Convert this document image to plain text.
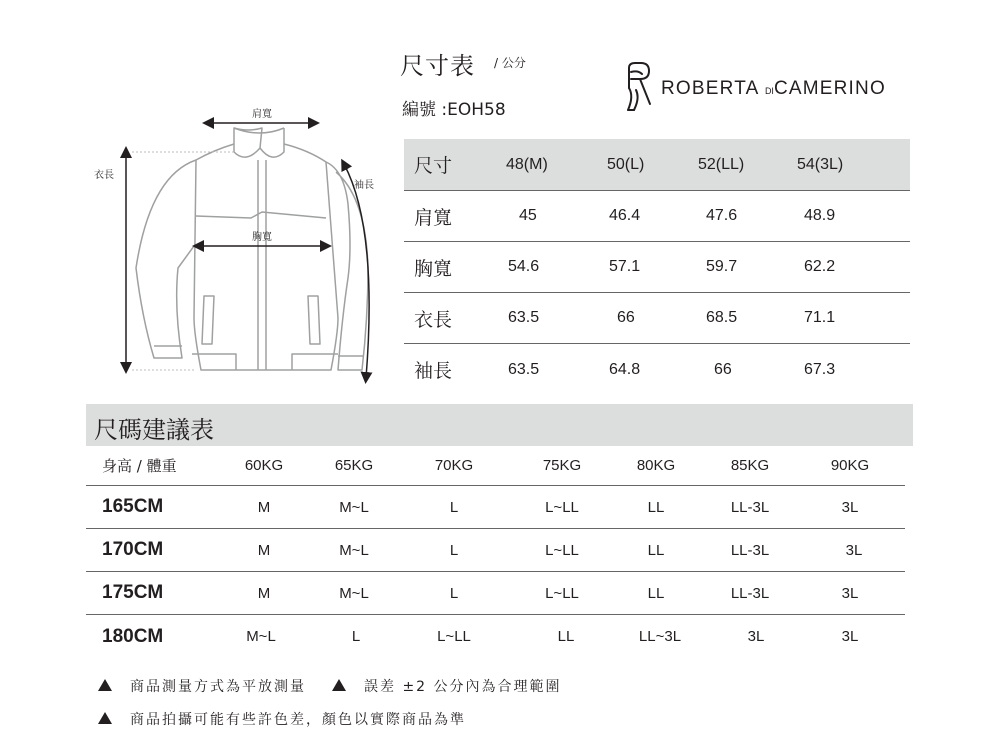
尺寸表 / 公分
編號 :EOH58
ROBERTA DICAMERINO
肩寬
胸寬
衣長
袖長
尺寸	48(M)	50(L)	52(LL)	54(3L)
肩寬	45	46.4	47.6	48.9
胸寬	54.6	57.1	59.7	62.2
衣長	63.5	66	68.5	71.1
袖長	63.5	64.8	66	67.3
尺碼建議表
身高 / 體重	60KG	65KG	70KG	75KG	80KG	85KG	90KG
165CM	M	M~L	L	L~LL	LL	LL-3L	3L
170CM	M	M~L	L	L~LL	LL	LL-3L	3L
175CM	M	M~L	L	L~LL	LL	LL-3L	3L
180CM	M~L	L	L~LL	LL	LL~3L	3L	3L
商品測量方式為平放測量	誤差 ±2 公分內為合理範圍
商品拍攝可能有些許色差，顏色以實際商品為準
